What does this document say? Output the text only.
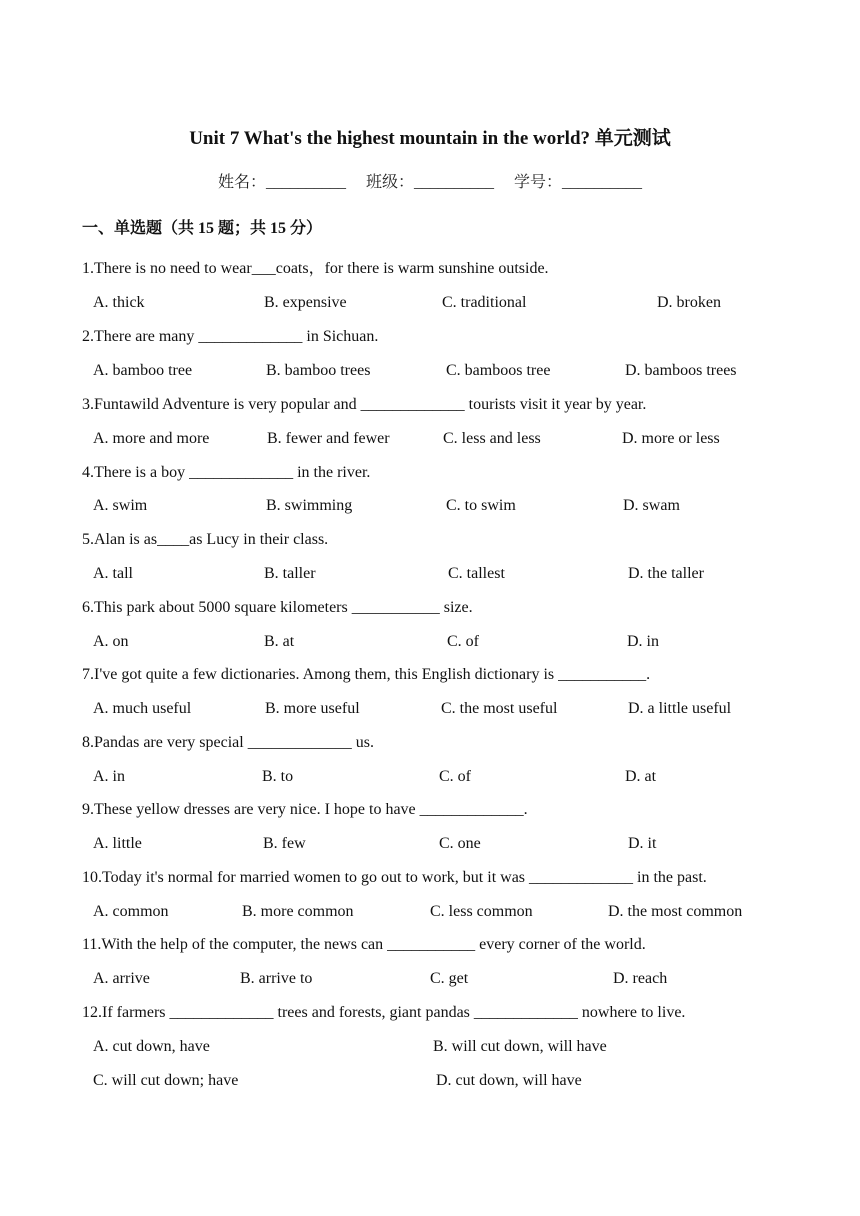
Unit 7 What's the highest mountain in the world? 单元测试
姓名：__________ 班级：__________ 学号：__________
一、单选题（共 15 题；共 15 分）
1.There is no need to wear___coats，for there is warm sunshine outside.
A. thick	B. expensive	C. traditional	D. broken
2.There are many _____________ in Sichuan.
A. bamboo tree	B. bamboo trees	C. bamboos tree	D. bamboos trees
3.Funtawild Adventure is very popular and _____________ tourists visit it year by year.
A. more and more	B. fewer and fewer	C. less and less	D. more or less
4.There is a boy _____________ in the river.
A. swim	B. swimming	C. to swim	D. swam
5.Alan is as____as Lucy in their class.
A. tall	B. taller	C. tallest	D. the taller
6.This park about 5000 square kilometers ___________ size.
A. on	B. at	C. of	D. in
7.I've got quite a few dictionaries. Among them, this English dictionary is ___________.
A. much useful	B. more useful	C. the most useful	D. a little useful
8.Pandas are very special _____________ us.
A. in	B. to	C. of	D. at
9.These yellow dresses are very nice. I hope to have _____________.
A. little	B. few	C. one	D. it
10.Today it's normal for married women to go out to work, but it was _____________ in the past.
A. common	B. more common	C. less common	D. the most common
11.With the help of the computer, the news can ___________ every corner of the world.
A. arrive	B. arrive to	C. get	D. reach
12.If farmers _____________ trees and forests, giant pandas _____________ nowhere to live.
A. cut down, have	B. will cut down, will have
C. will cut down; have	D. cut down, will have
